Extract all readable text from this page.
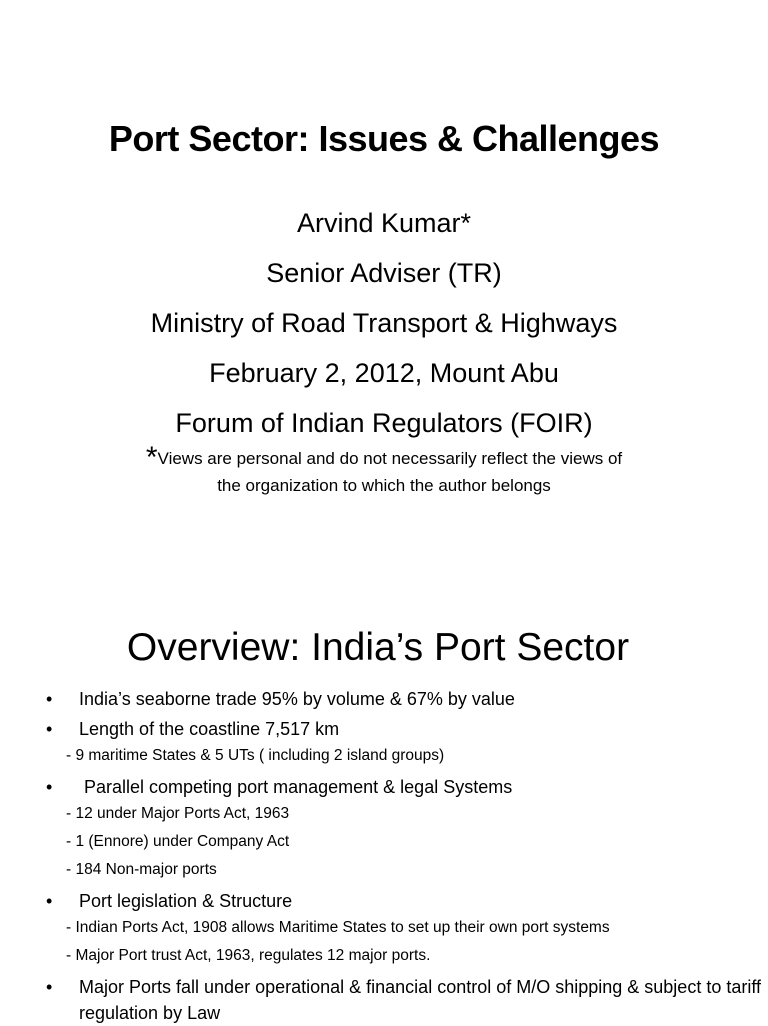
Port Sector: Issues & Challenges
Arvind Kumar*
Senior Adviser (TR)
Ministry of Road Transport & Highways
February 2, 2012, Mount Abu
Forum of Indian Regulators (FOIR)
*Views are personal and do not necessarily reflect the views of
the organization to which the author belongs
Overview: India’s Port Sector
• India’s seaborne trade 95% by volume & 67% by value
• Length of the coastline 7,517 km
- 9 maritime States & 5 UTs ( including 2 island groups)
• Parallel competing port management & legal Systems
- 12 under Major Ports Act, 1963
- 1 (Ennore) under Company Act
- 184 Non-major ports
• Port legislation & Structure
- Indian Ports Act, 1908 allows Maritime States to set up their own port systems
- Major Port trust Act, 1963, regulates 12 major ports.
• Major Ports fall under operational & financial control of M/O shipping & subject to tariff regulation by Law
